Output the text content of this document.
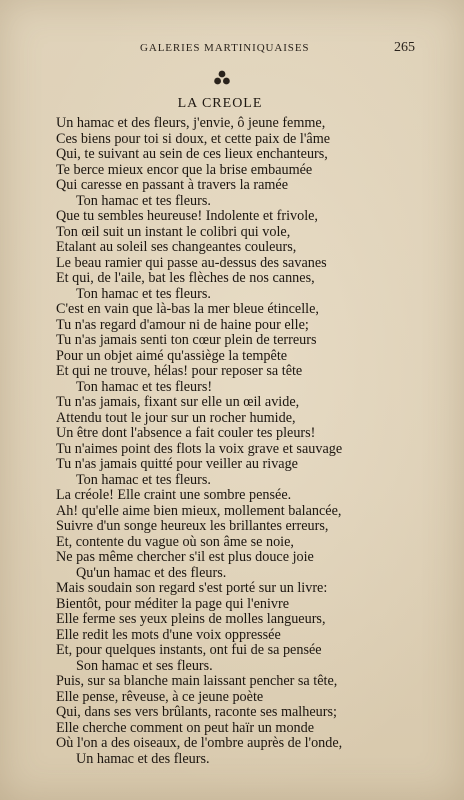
GALERIES MARTINIQUAISES	265
LA CREOLE
Un hamac et des fleurs, j'envie, ô jeune femme,
Ces biens pour toi si doux, et cette paix de l'âme
Qui, te suivant au sein de ces lieux enchanteurs,
Te berce mieux encor que la brise embaumée
Qui caresse en passant à travers la ramée
Ton hamac et tes fleurs.
Que tu sembles heureuse! Indolente et frivole,
Ton œil suit un instant le colibri qui vole,
Etalant au soleil ses changeantes couleurs,
Le beau ramier qui passe au-dessus des savanes
Et qui, de l'aile, bat les flèches de nos cannes,
Ton hamac et tes fleurs.
C'est en vain que là-bas la mer bleue étincelle,
Tu n'as regard d'amour ni de haine pour elle;
Tu n'as jamais senti ton cœur plein de terreurs
Pour un objet aimé qu'assiège la tempête
Et qui ne trouve, hélas! pour reposer sa tête
Ton hamac et tes fleurs!
Tu n'as jamais, fixant sur elle un œil avide,
Attendu tout le jour sur un rocher humide,
Un être dont l'absence a fait couler tes pleurs!
Tu n'aimes point des flots la voix grave et sauvage
Tu n'as jamais quitté pour veiller au rivage
Ton hamac et tes fleurs.
La créole! Elle craint une sombre pensée.
Ah! qu'elle aime bien mieux, mollement balancée,
Suivre d'un songe heureux les brillantes erreurs,
Et, contente du vague où son âme se noie,
Ne pas même chercher s'il est plus douce joie
Qu'un hamac et des fleurs.
Mais soudain son regard s'est porté sur un livre:
Bientôt, pour méditer la page qui l'enivre
Elle ferme ses yeux pleins de molles langueurs,
Elle redit les mots d'une voix oppressée
Et, pour quelques instants, ont fui de sa pensée
Son hamac et ses fleurs.
Puis, sur sa blanche main laissant pencher sa tête,
Elle pense, rêveuse, à ce jeune poète
Qui, dans ses vers brûlants, raconte ses malheurs;
Elle cherche comment on peut haïr un monde
Où l'on a des oiseaux, de l'ombre auprès de l'onde,
Un hamac et des fleurs.
